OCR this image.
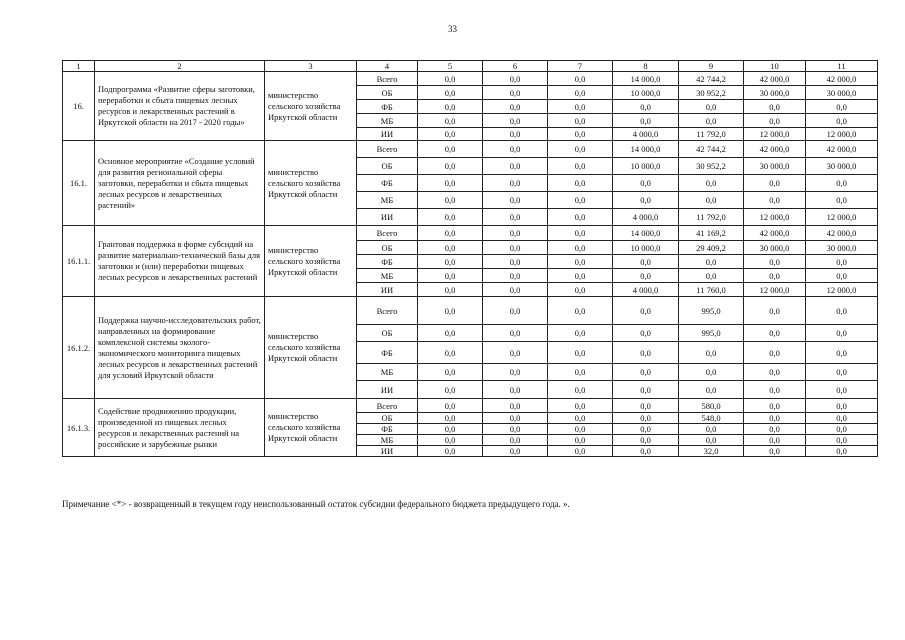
33
1	2	3	4	5	6	7	8	9	10	11
16.	Подпрограмма «Развитие сферы заготовки, переработки и сбыта пищевых лесных ресурсов и лекарственных растений в Иркутской области на 2017 - 2020 годы»	министерство сельского хозяйства Иркутской области	Всего	0,0	0,0	0,0	14 000,0	42 744,2	42 000,0	42 000,0
			ОБ	0,0	0,0	0,0	10 000,0	30 952,2	30 000,0	30 000,0
			ФБ	0,0	0,0	0,0	0,0	0,0	0,0	0,0
			МБ	0,0	0,0	0,0	0,0	0,0	0,0	0,0
			ИИ	0,0	0,0	0,0	4 000,0	11 792,0	12 000,0	12 000,0
16.1.	Основное мероприятие «Создание условий для развития региональной сферы заготовки, переработки и сбыта пищевых лесных ресурсов и лекарственных растений»	министерство сельского хозяйства Иркутской области	Всего	0,0	0,0	0,0	14 000,0	42 744,2	42 000,0	42 000,0
			ОБ	0,0	0,0	0,0	10 000,0	30 952,2	30 000,0	30 000,0
			ФБ	0,0	0,0	0,0	0,0	0,0	0,0	0,0
			МБ	0,0	0,0	0,0	0,0	0,0	0,0	0,0
			ИИ	0,0	0,0	0,0	4 000,0	11 792,0	12 000,0	12 000,0
16.1.1.	Грантовая поддержка в форме субсидий на развитие материально-технической базы для заготовки и (или) переработки пищевых лесных ресурсов и лекарственных растений	министерство сельского хозяйства Иркутской области	Всего	0,0	0,0	0,0	14 000,0	41 169,2	42 000,0	42 000,0
			ОБ	0,0	0,0	0,0	10 000,0	29 409,2	30 000,0	30 000,0
			ФБ	0,0	0,0	0,0	0,0	0,0	0,0	0,0
			МБ	0,0	0,0	0,0	0,0	0,0	0,0	0,0
			ИИ	0,0	0,0	0,0	4 000,0	11 760,0	12 000,0	12 000,0
16.1.2.	Поддержка научно-исследовательских работ, направленных на формирование комплексной системы эколого-экономического мониторинга пищевых лесных ресурсов и лекарственных растений для условий Иркутской области	министерство сельского хозяйства Иркутской области	Всего	0,0	0,0	0,0	0,0	995,0	0,0	0,0
			ОБ	0,0	0,0	0,0	0,0	995,0	0,0	0,0
			ФБ	0,0	0,0	0,0	0,0	0,0	0,0	0,0
			МБ	0,0	0,0	0,0	0,0	0,0	0,0	0,0
			ИИ	0,0	0,0	0,0	0,0	0,0	0,0	0,0
16.1.3.	Содействие продвижению продукции, произведенной из пищевых лесных ресурсов и лекарственных растений на российские и зарубежные рынки	министерство сельского хозяйства Иркутской области	Всего	0,0	0,0	0,0	0,0	580,0	0,0	0,0
			ОБ	0,0	0,0	0,0	0,0	548,0	0,0	0,0
			ФБ	0,0	0,0	0,0	0,0	0,0	0,0	0,0
			МБ	0,0	0,0	0,0	0,0	0,0	0,0	0,0
			ИИ	0,0	0,0	0,0	0,0	32,0	0,0	0,0
Примечание <*> - возвращенный в текущем году неиспользованный остаток субсидии федерального бюджета предыдущего года. ».
